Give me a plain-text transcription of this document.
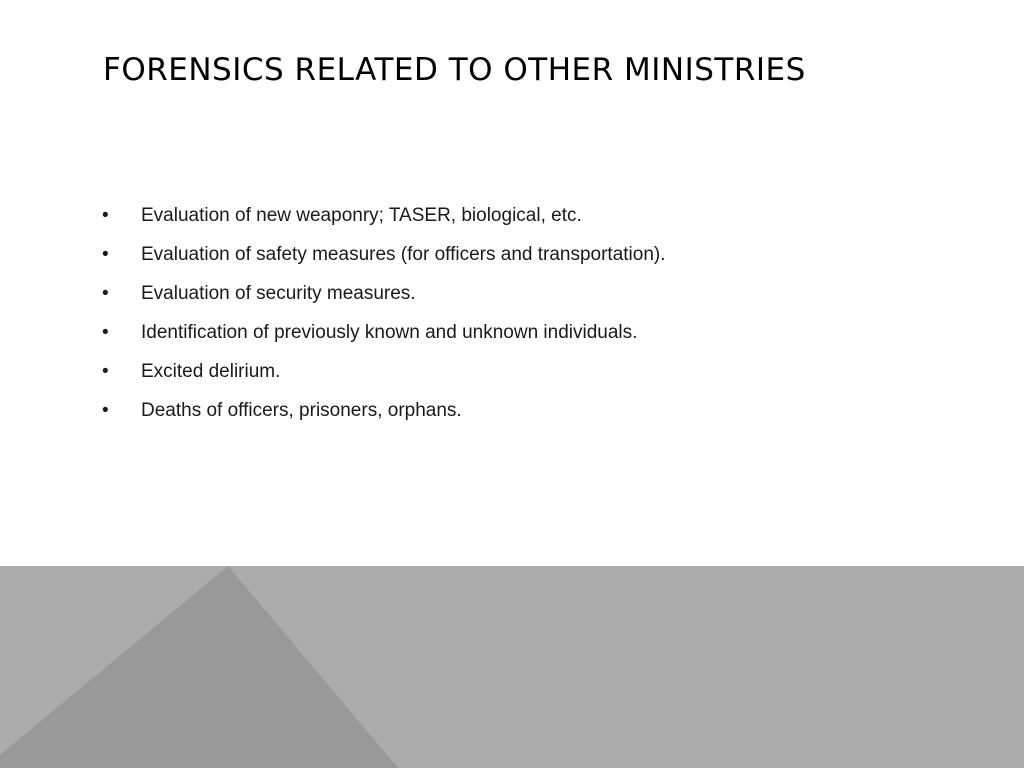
FORENSICS RELATED TO OTHER MINISTRIES
• Evaluation of new weaponry; TASER, biological, etc.
• Evaluation of safety measures (for officers and transportation).
• Evaluation of security measures.
• Identification of previously known and unknown individuals.
• Excited delirium.
• Deaths of officers, prisoners, orphans.
